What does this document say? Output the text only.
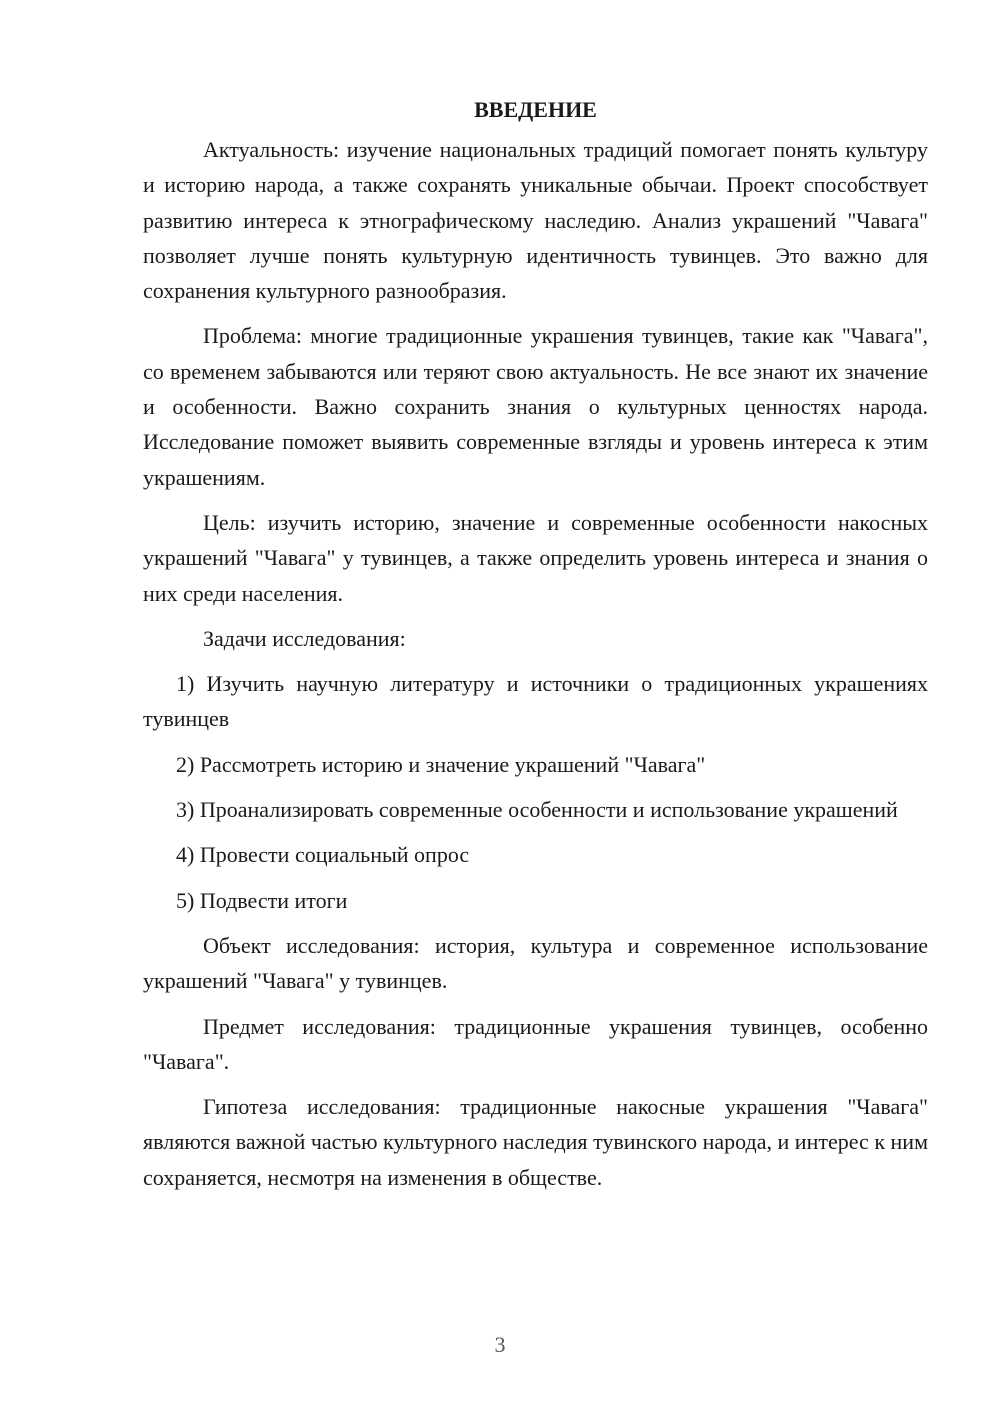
ВВЕДЕНИЕ

Актуальность: изучение национальных традиций помогает понять культуру и историю народа, а также сохранять уникальные обычаи. Проект способствует развитию интереса к этнографическому наследию. Анализ украшений "Чавага" позволяет лучше понять культурную идентичность тувинцев. Это важно для сохранения культурного разнообразия.

Проблема: многие традиционные украшения тувинцев, такие как "Чавага", со временем забываются или теряют свою актуальность. Не все знают их значение и особенности. Важно сохранить знания о культурных ценностях народа. Исследование поможет выявить современные взгляды и уровень интереса к этим украшениям.

Цель: изучить историю, значение и современные особенности накосных украшений "Чавага" у тувинцев, а также определить уровень интереса и знания о них среди населения.

Задачи исследования:

1) Изучить научную литературу и источники о традиционных украшениях тувинцев

2) Рассмотреть историю и значение украшений "Чавага"

3) Проанализировать современные особенности и использование украшений

4) Провести социальный опрос

5) Подвести итоги

Объект исследования: история, культура и современное использование украшений "Чавага" у тувинцев.

Предмет исследования: традиционные украшения тувинцев, особенно "Чавага".

Гипотеза исследования: традиционные накосные украшения "Чавага" являются важной частью культурного наследия тувинского народа, и интерес к ним сохраняется, несмотря на изменения в обществе.

3
